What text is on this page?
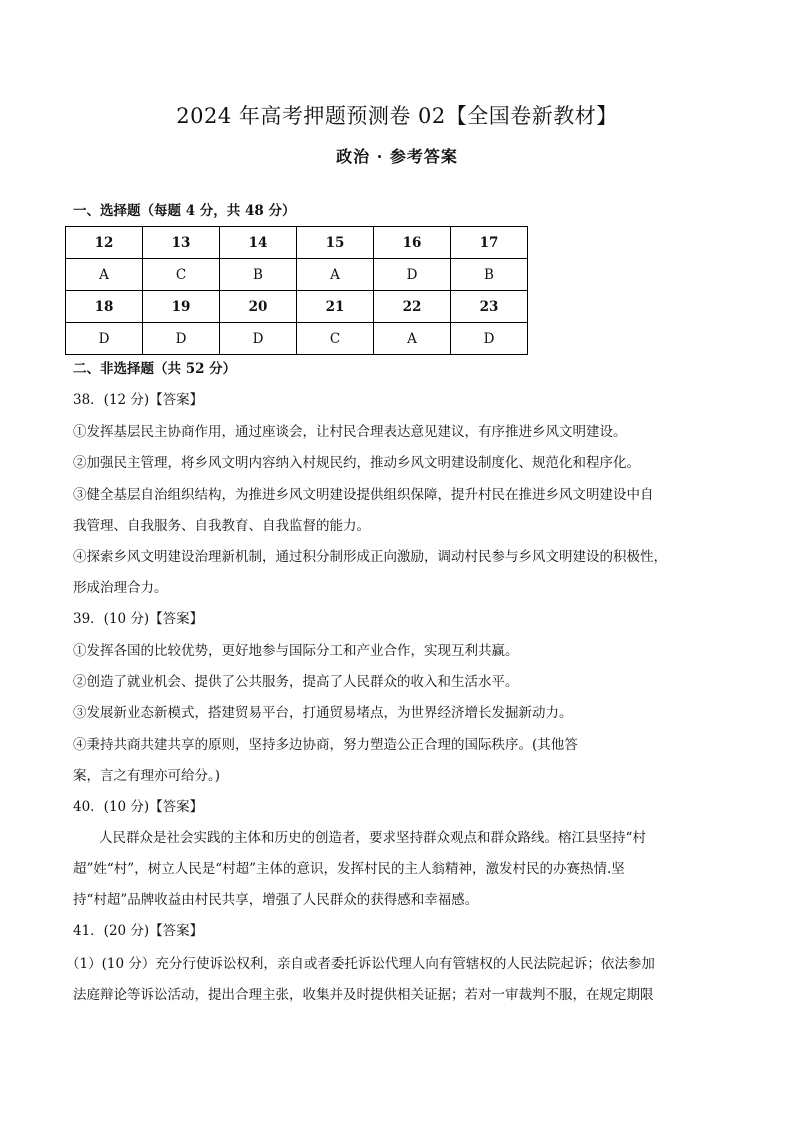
2024 年高考押题预测卷 02【全国卷新教材】
政治 · 参考答案
一、选择题（每题 4 分，共 48 分）
12	13	14	15	16	17
A	C	B	A	D	B
18	19	20	21	22	23
D	D	D	C	A	D
二、非选择题（共 52 分）
38．(12 分)【答案】
①发挥基层民主协商作用，通过座谈会，让村民合理表达意见建议，有序推进乡风文明建设。
②加强民主管理，将乡风文明内容纳入村规民约，推动乡风文明建设制度化、规范化和程序化。
③健全基层自治组织结构，为推进乡风文明建设提供组织保障，提升村民在推进乡风文明建设中自
我管理、自我服务、自我教育、自我监督的能力。
④探索乡风文明建设治理新机制，通过积分制形成正向激励，调动村民参与乡风文明建设的积极性，
形成治理合力。
39．(10 分)【答案】
①发挥各国的比较优势，更好地参与国际分工和产业合作，实现互利共赢。
②创造了就业机会、提供了公共服务，提高了人民群众的收入和生活水平。
③发展新业态新模式，搭建贸易平台，打通贸易堵点，为世界经济增长发掘新动力。
④秉持共商共建共享的原则，坚持多边协商，努力塑造公正合理的国际秩序。(其他答
案，言之有理亦可给分。)
40．(10 分)【答案】
人民群众是社会实践的主体和历史的创造者，要求坚持群众观点和群众路线。榕江县坚持“村
超”姓“村”，树立人民是“村超”主体的意识，发挥村民的主人翁精神，激发村民的办赛热情.坚
持“村超”品牌收益由村民共享，增强了人民群众的获得感和幸福感。
41．(20 分)【答案】
（1）(10 分）充分行使诉讼权利，亲自或者委托诉讼代理人向有管辖权的人民法院起诉；依法参加
法庭辩论等诉讼活动，提出合理主张，收集并及时提供相关证据；若对一审裁判不服，在规定期限
